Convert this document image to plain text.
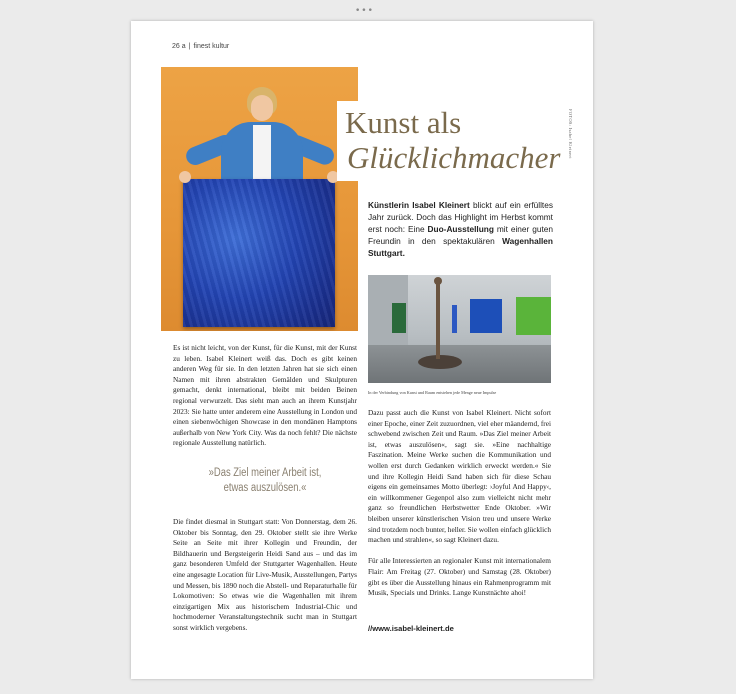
•••
26 a | finest kultur
Kunst als
Glücklichmacher FOTOS: Isabel Kleinert
Künstlerin Isabel Kleinert blickt auf ein erfülltes Jahr zurück. Doch das Highlight im Herbst kommt erst noch: Eine Duo-Ausstellung mit einer guten Freundin in den spektakulären Wagenhallen Stuttgart.
In der Verbindung von Kunst und Raum entstehen jede Menge neue Impulse

Es ist nicht leicht, von der Kunst, für die Kunst, mit der Kunst zu leben. Isabel Kleinert weiß das. Doch es gibt keinen anderen Weg für sie. In den letzten Jahren hat sie sich einen Namen mit ihren abstrakten Gemälden und Skulpturen gemacht, denkt international, bleibt mit beiden Beinen regional verwurzelt. Das sieht man auch an ihrem Kunstjahr 2023: Sie hatte unter anderem eine Ausstellung in London und einen siebenwöchigen Showcase in den mondänen Hamptons außerhalb von New York City. Was da noch fehlt? Die nächste regionale Ausstellung natürlich.

»Das Ziel meiner Arbeit ist,
etwas auszulösen.«

Die findet diesmal in Stuttgart statt: Von Donnerstag, dem 26. Oktober bis Sonntag, den 29. Oktober stellt sie ihre Werke Seite an Seite mit ihrer Kollegin und Freundin, der Bildhauerin und Bergsteigerin Heidi Sand aus – und das im ganz besonderen Umfeld der Stuttgarter Wagenhallen. Heute eine angesagte Location für Live-Musik, Ausstellungen, Partys und Messen, bis 1890 noch die Abstell- und Reparaturhalle für Lokomotiven: So etwas wie die Wagenhallen mit ihrem einzigartigen Mix aus historischem Industrial-Chic und hochmoderner Veranstaltungstechnik sucht man in Stuttgart sonst wirklich vergebens.

Dazu passt auch die Kunst von Isabel Kleinert. Nicht sofort einer Epoche, einer Zeit zuzuordnen, viel eher mäandernd, frei schwebend zwischen Zeit und Raum. »Das Ziel meiner Arbeit ist, etwas auszulösen«, sagt sie. »Eine nachhaltige Faszination. Meine Werke suchen die Kommunikation und wollen erst durch Gedanken wirklich erweckt werden.« Sie und ihre Kollegin Heidi Sand haben sich für diese Schau eigens ein gemeinsames Motto überlegt: ›Joyful And Happy‹, ein willkommener Gegenpol also zum vielleicht nicht mehr ganz so freundlichen Herbstwetter Ende Oktober. »Wir bleiben unserer künstlerischen Vision treu und unsere Werke sind trotzdem noch bunter, heller. Sie wollen einfach glücklich machen und strahlen«, so sagt Kleinert dazu.

Für alle Interessierten an regionaler Kunst mit internationalem Flair: Am Freitag (27. Oktober) und Samstag (28. Oktober) gibt es über die Ausstellung hinaus ein Rahmenprogramm mit Musik, Specials und Drinks. Lange Kunstnächte ahoi!

//www.isabel-kleinert.de
